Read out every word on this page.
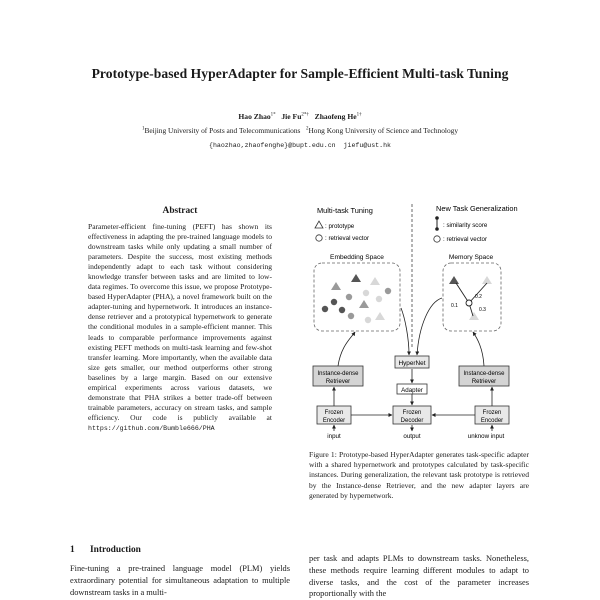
Prototype-based HyperAdapter for Sample-Efficient Multi-task Tuning
Hao Zhao$^{1*}$ Jie $Fu^{2*\dagger}$ Zhaofeng $He^{1\dagger}$
$^1$Beijing University of Posts and Telecommunications $^2$Hong Kong University of Science and Technology
{haozhao,zhaofenghe}@bupt.edu.cn jiefu@ust.hk
Abstract
Parameter-efficient fine-tuning (PEFT) has shown its effectiveness in adapting the pre-trained language models to downstream tasks while only updating a small number of parameters. Despite the success, most existing methods independently adapt to each task without considering knowledge transfer between tasks and are limited to low-data regimes. To overcome this issue, we propose Prototype-based HyperAdapter (PHA), a novel framework built on the adapter-tuning and hypernetwork. It introduces an instance-dense retriever and a prototypical hypernetwork to generate the conditional modules in a sample-efficient manner. This leads to comparable performance improvements against existing PEFT methods on multi-task learning and few-shot transfer learning. More importantly, when the available data size gets smaller, our method outperforms other strong baselines by a large margin. Based on our extensive empirical experiments across various datasets, we demonstrate that PHA strikes a better trade-off between trainable parameters, accuracy on stream tasks, and sample efficiency. Our code is publicly available at https://github.com/Bumble666/PHA
Multi-task Tuning	New Task Generalization
: prototype
: retrieval vector
: similarity score
: retrieval vector
Embedding Space	Memory Space
0.2
0.1
0.3
HyperNet
Adapter
Instance-dense
Retriever
Instance-dense
Retriever
Frozen
Encoder
Frozen
Decoder
Frozen
Encoder
input	output	unknow input
Figure 1: Prototype-based HyperAdapter generates task-specific adapter with a shared hypernetwork and prototypes calculated by task-specific instances. During generalization, the relevant task prototype is retrieved by the Instance-dense Retriever, and the new adapter layers are generated by hypernetwork.
1 Introduction
Fine-tuning a pre-trained language model (PLM) yields extraordinary potential for simultaneous adaptation to multiple downstream tasks in a multi-
per task and adapts PLMs to downstream tasks. Nonetheless, these methods require learning different modules to adapt to diverse tasks, and the cost of the parameter increases proportionally with the
